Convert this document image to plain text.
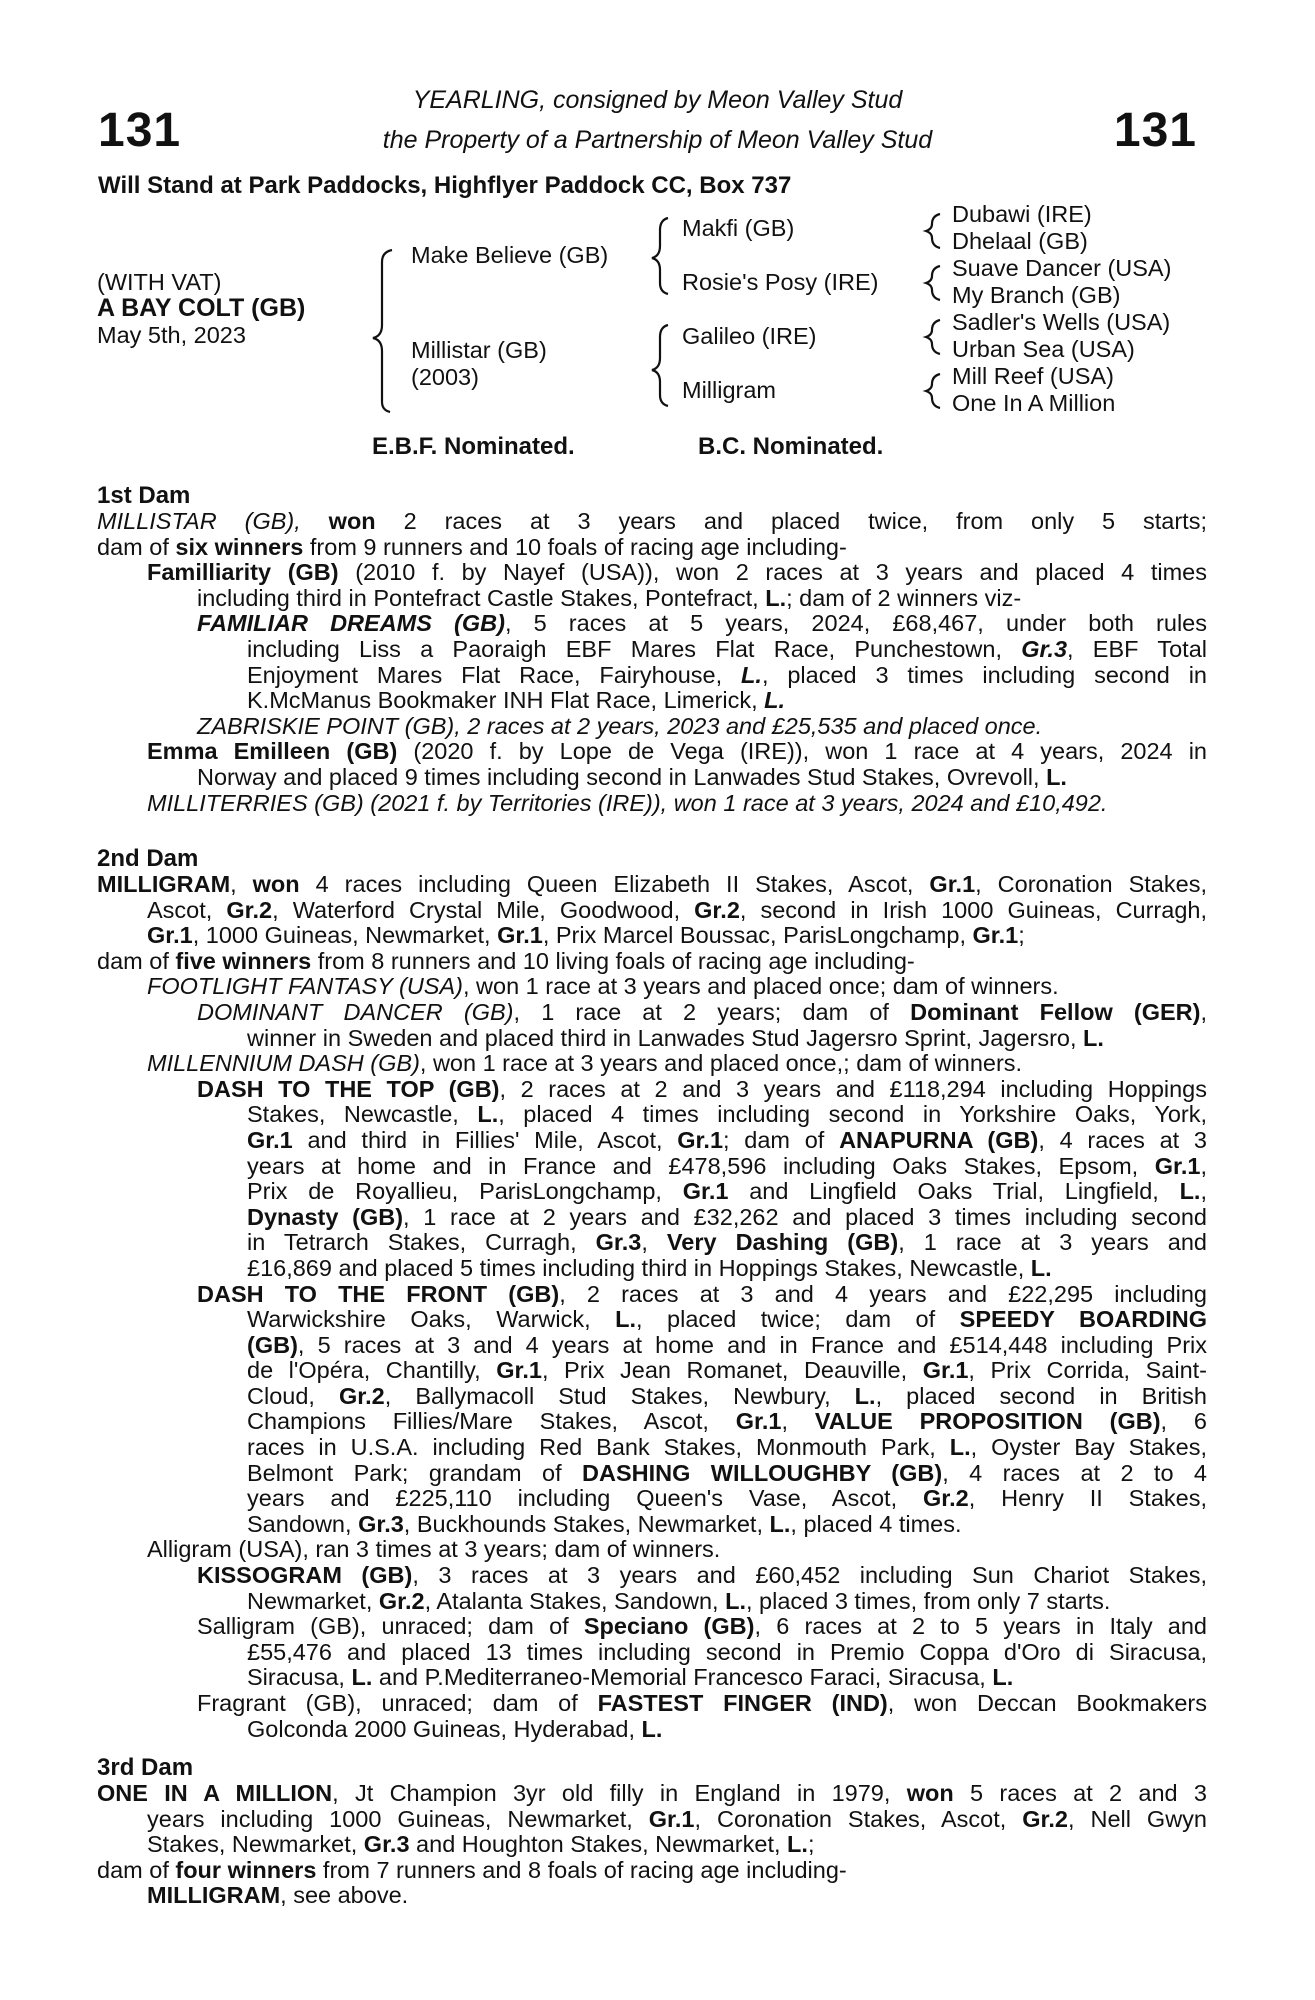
131	131
YEARLING, consigned by Meon Valley Stud
the Property of a Partnership of Meon Valley Stud
Will Stand at Park Paddocks, Highflyer Paddock CC, Box 737
(WITH VAT)
A BAY COLT (GB)
May 5th, 2023
Make Believe (GB)
Millistar (GB)
(2003)
Makfi (GB)
Rosie's Posy (IRE)
Galileo (IRE)
Milligram
Dubawi (IRE)
Dhelaal (GB)
Suave Dancer (USA)
My Branch (GB)
Sadler's Wells (USA)
Urban Sea (USA)
Mill Reef (USA)
One In A Million
E.B.F. Nominated.	B.C. Nominated.
1st Dam
MILLISTAR (GB), won 2 races at 3 years and placed twice, from only 5 starts;
dam of six winners from 9 runners and 10 foals of racing age including-
Familliarity (GB) (2010 f. by Nayef (USA)), won 2 races at 3 years and placed 4 times
including third in Pontefract Castle Stakes, Pontefract, L.; dam of 2 winners viz-
FAMILIAR DREAMS (GB), 5 races at 5 years, 2024, £68,467, under both rules
including Liss a Paoraigh EBF Mares Flat Race, Punchestown, Gr.3, EBF Total
Enjoyment Mares Flat Race, Fairyhouse, L., placed 3 times including second in
K.McManus Bookmaker INH Flat Race, Limerick, L.
ZABRISKIE POINT (GB), 2 races at 2 years, 2023 and £25,535 and placed once.
Emma Emilleen (GB) (2020 f. by Lope de Vega (IRE)), won 1 race at 4 years, 2024 in
Norway and placed 9 times including second in Lanwades Stud Stakes, Ovrevoll, L.
MILLITERRIES (GB) (2021 f. by Territories (IRE)), won 1 race at 3 years, 2024 and £10,492.
2nd Dam
MILLIGRAM, won 4 races including Queen Elizabeth II Stakes, Ascot, Gr.1, Coronation Stakes,
Ascot, Gr.2, Waterford Crystal Mile, Goodwood, Gr.2, second in Irish 1000 Guineas, Curragh,
Gr.1, 1000 Guineas, Newmarket, Gr.1, Prix Marcel Boussac, ParisLongchamp, Gr.1;
dam of five winners from 8 runners and 10 living foals of racing age including-
FOOTLIGHT FANTASY (USA), won 1 race at 3 years and placed once; dam of winners.
DOMINANT DANCER (GB), 1 race at 2 years; dam of Dominant Fellow (GER),
winner in Sweden and placed third in Lanwades Stud Jagersro Sprint, Jagersro, L.
MILLENNIUM DASH (GB), won 1 race at 3 years and placed once,; dam of winners.
DASH TO THE TOP (GB), 2 races at 2 and 3 years and £118,294 including Hoppings
Stakes, Newcastle, L., placed 4 times including second in Yorkshire Oaks, York,
Gr.1 and third in Fillies' Mile, Ascot, Gr.1; dam of ANAPURNA (GB), 4 races at 3
years at home and in France and £478,596 including Oaks Stakes, Epsom, Gr.1,
Prix de Royallieu, ParisLongchamp, Gr.1 and Lingfield Oaks Trial, Lingfield, L.,
Dynasty (GB), 1 race at 2 years and £32,262 and placed 3 times including second
in Tetrarch Stakes, Curragh, Gr.3, Very Dashing (GB), 1 race at 3 years and
£16,869 and placed 5 times including third in Hoppings Stakes, Newcastle, L.
DASH TO THE FRONT (GB), 2 races at 3 and 4 years and £22,295 including
Warwickshire Oaks, Warwick, L., placed twice; dam of SPEEDY BOARDING
(GB), 5 races at 3 and 4 years at home and in France and £514,448 including Prix
de l'Opéra, Chantilly, Gr.1, Prix Jean Romanet, Deauville, Gr.1, Prix Corrida, Saint-
Cloud, Gr.2, Ballymacoll Stud Stakes, Newbury, L., placed second in British
Champions Fillies/Mare Stakes, Ascot, Gr.1, VALUE PROPOSITION (GB), 6
races in U.S.A. including Red Bank Stakes, Monmouth Park, L., Oyster Bay Stakes,
Belmont Park; grandam of DASHING WILLOUGHBY (GB), 4 races at 2 to 4
years and £225,110 including Queen's Vase, Ascot, Gr.2, Henry II Stakes,
Sandown, Gr.3, Buckhounds Stakes, Newmarket, L., placed 4 times.
Alligram (USA), ran 3 times at 3 years; dam of winners.
KISSOGRAM (GB), 3 races at 3 years and £60,452 including Sun Chariot Stakes,
Newmarket, Gr.2, Atalanta Stakes, Sandown, L., placed 3 times, from only 7 starts.
Salligram (GB), unraced; dam of Speciano (GB), 6 races at 2 to 5 years in Italy and
£55,476 and placed 13 times including second in Premio Coppa d'Oro di Siracusa,
Siracusa, L. and P.Mediterraneo-Memorial Francesco Faraci, Siracusa, L.
Fragrant (GB), unraced; dam of FASTEST FINGER (IND), won Deccan Bookmakers
Golconda 2000 Guineas, Hyderabad, L.
3rd Dam
ONE IN A MILLION, Jt Champion 3yr old filly in England in 1979, won 5 races at 2 and 3
years including 1000 Guineas, Newmarket, Gr.1, Coronation Stakes, Ascot, Gr.2, Nell Gwyn
Stakes, Newmarket, Gr.3 and Houghton Stakes, Newmarket, L.;
dam of four winners from 7 runners and 8 foals of racing age including-
MILLIGRAM, see above.
